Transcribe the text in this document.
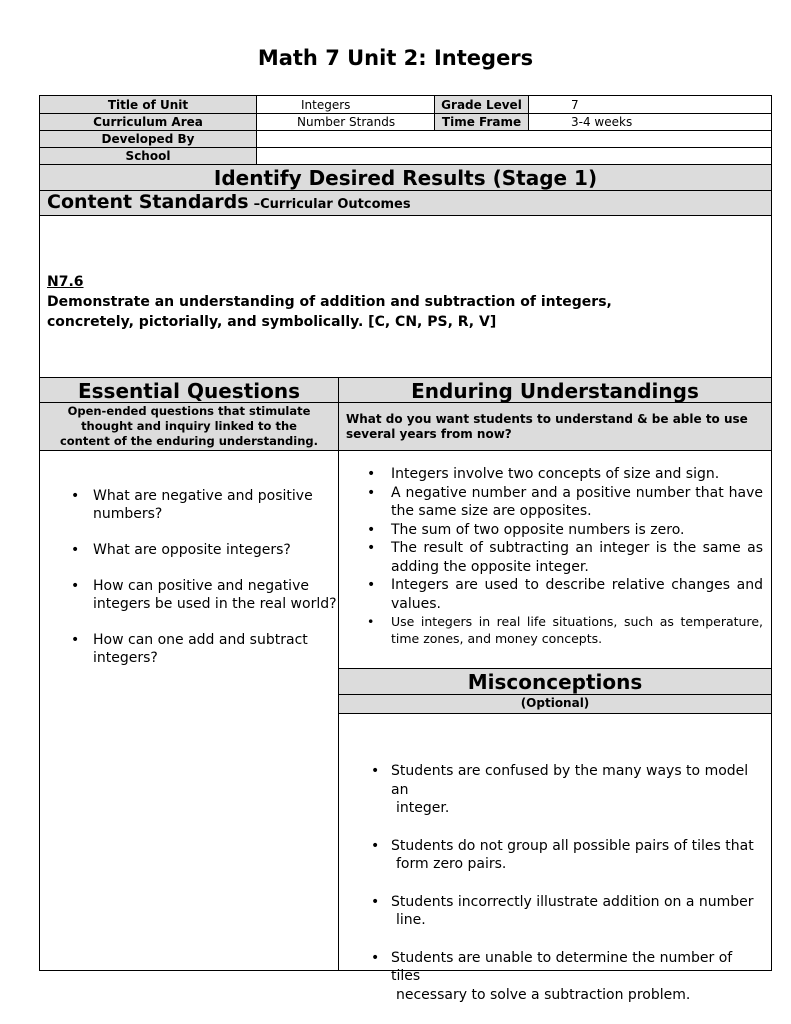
Math 7 Unit 2: Integers
Title of Unit	Integers	Grade Level	7
Curriculum Area	Number Strands	Time Frame	3-4 weeks
Developed By
School
Identify Desired Results (Stage 1)
Content Standards –Curricular Outcomes
N7.6
Demonstrate an understanding of addition and subtraction of integers, concretely, pictorially, and symbolically. [C, CN, PS, R, V]
Essential Questions	Enduring Understandings
Open-ended questions that stimulate thought and inquiry linked to the content of the enduring understanding.
What do you want students to understand & be able to use several years from now?
• What are negative and positive numbers?
• What are opposite integers?
• How can positive and negative integers be used in the real world?
• How can one add and subtract integers?
• Integers involve two concepts of size and sign.
• A negative number and a positive number that have the same size are opposites.
• The sum of two opposite numbers is zero.
• The result of subtracting an integer is the same as adding the opposite integer.
• Integers are used to describe relative changes and values.
• Use integers in real life situations, such as temperature, time zones, and money concepts.
Misconceptions
(Optional)
• Students are confused by the many ways to model an
integer.
• Students do not group all possible pairs of tiles that
form zero pairs.
• Students incorrectly illustrate addition on a number
line.
• Students are unable to determine the number of tiles
necessary to solve a subtraction problem.
